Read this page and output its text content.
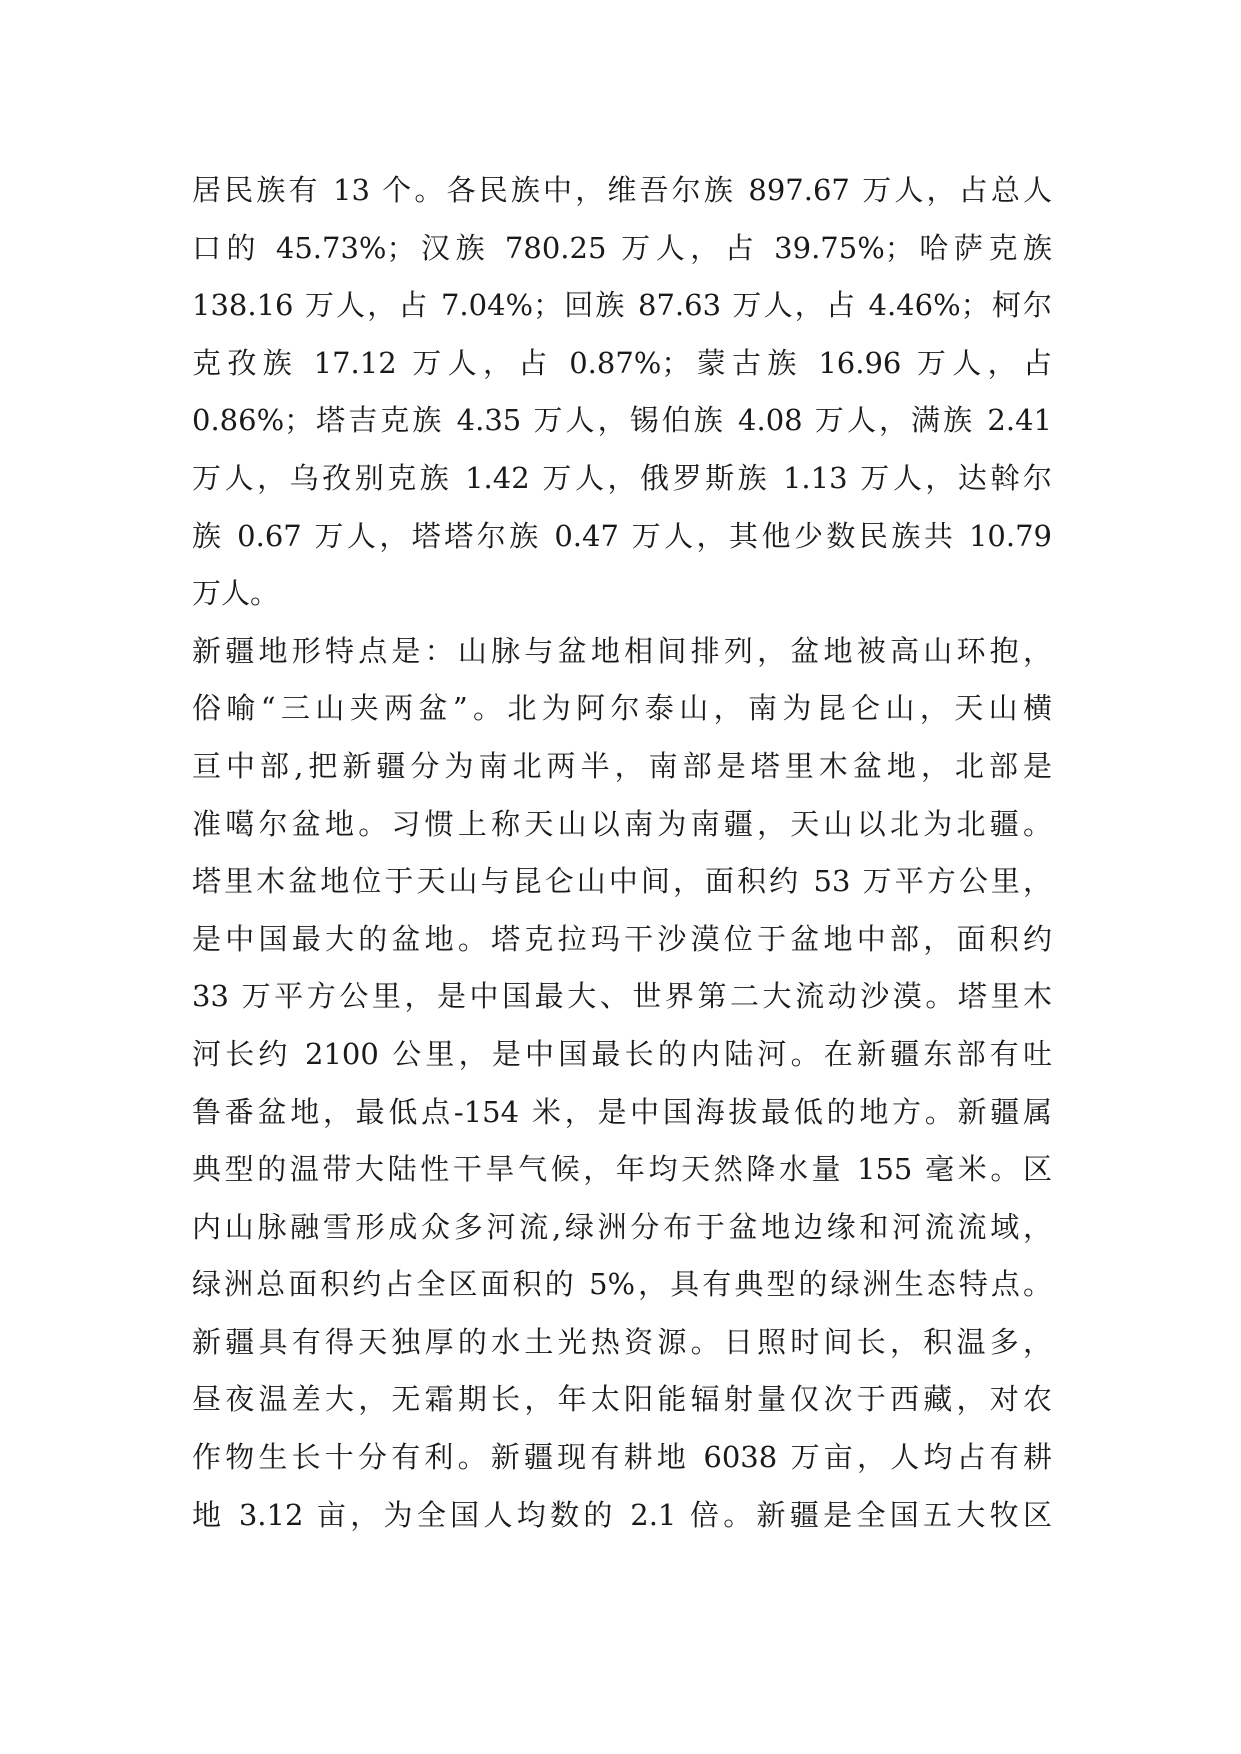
居民族有 13 个。各民族中，维吾尔族 897.67 万人，占总人
口的 45.73%；汉族 780.25 万人，占 39.75%；哈萨克族
138.16 万人，占 7.04%；回族 87.63 万人，占 4.46%；柯尔
克孜族 17.12 万人，占 0.87%；蒙古族 16.96 万人，占
0.86%；塔吉克族 4.35 万人，锡伯族 4.08 万人，满族 2.41
万人，乌孜别克族 1.42 万人，俄罗斯族 1.13 万人，达斡尔
族 0.67 万人，塔塔尔族 0.47 万人，其他少数民族共 10.79
万人。
新疆地形特点是：山脉与盆地相间排列，盆地被高山环抱，
俗喻“三山夹两盆”。北为阿尔泰山，南为昆仑山，天山横
亘中部,把新疆分为南北两半，南部是塔里木盆地，北部是
准噶尔盆地。习惯上称天山以南为南疆，天山以北为北疆。
塔里木盆地位于天山与昆仑山中间，面积约 53 万平方公里，
是中国最大的盆地。塔克拉玛干沙漠位于盆地中部，面积约
33 万平方公里，是中国最大、世界第二大流动沙漠。塔里木
河长约 2100 公里，是中国最长的内陆河。在新疆东部有吐
鲁番盆地，最低点-154 米，是中国海拔最低的地方。新疆属
典型的温带大陆性干旱气候，年均天然降水量 155 毫米。区
内山脉融雪形成众多河流,绿洲分布于盆地边缘和河流流域，
绿洲总面积约占全区面积的 5%，具有典型的绿洲生态特点。
新疆具有得天独厚的水土光热资源。日照时间长，积温多，
昼夜温差大，无霜期长，年太阳能辐射量仅次于西藏，对农
作物生长十分有利。新疆现有耕地 6038 万亩，人均占有耕
地 3.12 亩，为全国人均数的 2.1 倍。新疆是全国五大牧区
